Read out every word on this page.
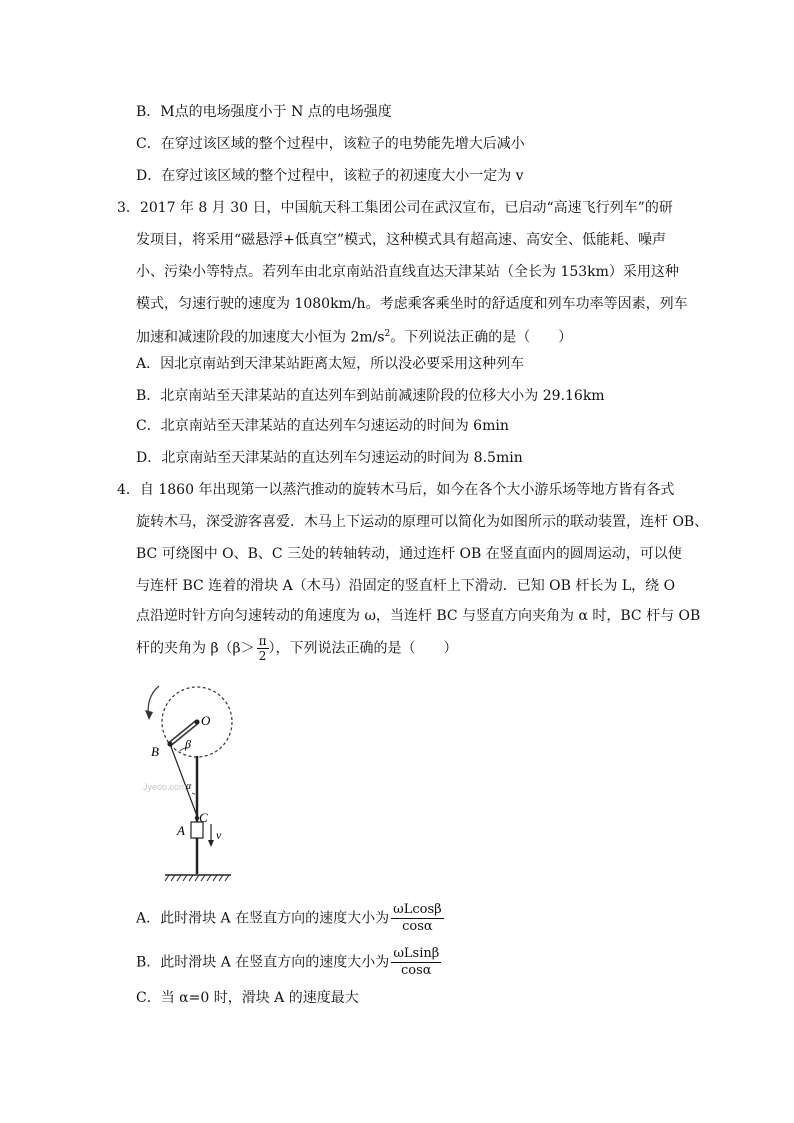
B．M点的电场强度小于 N 点的电场强度
C．在穿过该区域的整个过程中，该粒子的电势能先增大后减小
D．在穿过该区域的整个过程中，该粒子的初速度大小一定为 v
3．2017 年 8 月 30 日，中国航天科工集团公司在武汉宣布，已启动“高速飞行列车”的研
发项目，将采用“磁悬浮+低真空”模式，这种模式具有超高速、高安全、低能耗、噪声
小、污染小等特点。若列车由北京南站沿直线直达天津某站（全长为 153km）采用这种
模式，匀速行驶的速度为 1080km/h。考虑乘客乘坐时的舒适度和列车功率等因素，列车
加速和减速阶段的加速度大小恒为 $2m/s^2$。下列说法正确的是（　　）
A．因北京南站到天津某站距离太短，所以没必要采用这种列车
B．北京南站至天津某站的直达列车到站前减速阶段的位移大小为 29.16km
C．北京南站至天津某站的直达列车匀速运动的时间为 6min
D．北京南站至天津某站的直达列车匀速运动的时间为 8.5min
4．自 1860 年出现第一以蒸汽推动的旋转木马后，如今在各个大小游乐场等地方皆有各式
旋转木马，深受游客喜爱．木马上下运动的原理可以简化为如图所示的联动装置，连杆 OB、
BC 可绕图中 O、B、C 三处的转轴转动，通过连杆 OB 在竖直面内的圆周运动，可以使
与连杆 BC 连着的滑块 A（木马）沿固定的竖直杆上下滑动．已知 OB 杆长为 L，绕 O
点沿逆时针方向匀速转动的角速度为 ω，当连杆 BC 与竖直方向夹角为 α 时，BC 杆与 OB
杆的夹角为 $\beta(\beta> \frac{\pi}{2}$ ），下列说法正确的是（　　）
Jyeoo.com
O
B β
α
C
A	v
A．此时滑块 A 在竖直方向的速度大小为 $\frac{\omega Lcos\beta}{\cos\alpha}$
B．此时滑块 A 在竖直方向的速度大小为 $\frac{\omega Lsin\beta}{\cos\alpha}$
C．当 α=0 时，滑块 A 的速度最大
